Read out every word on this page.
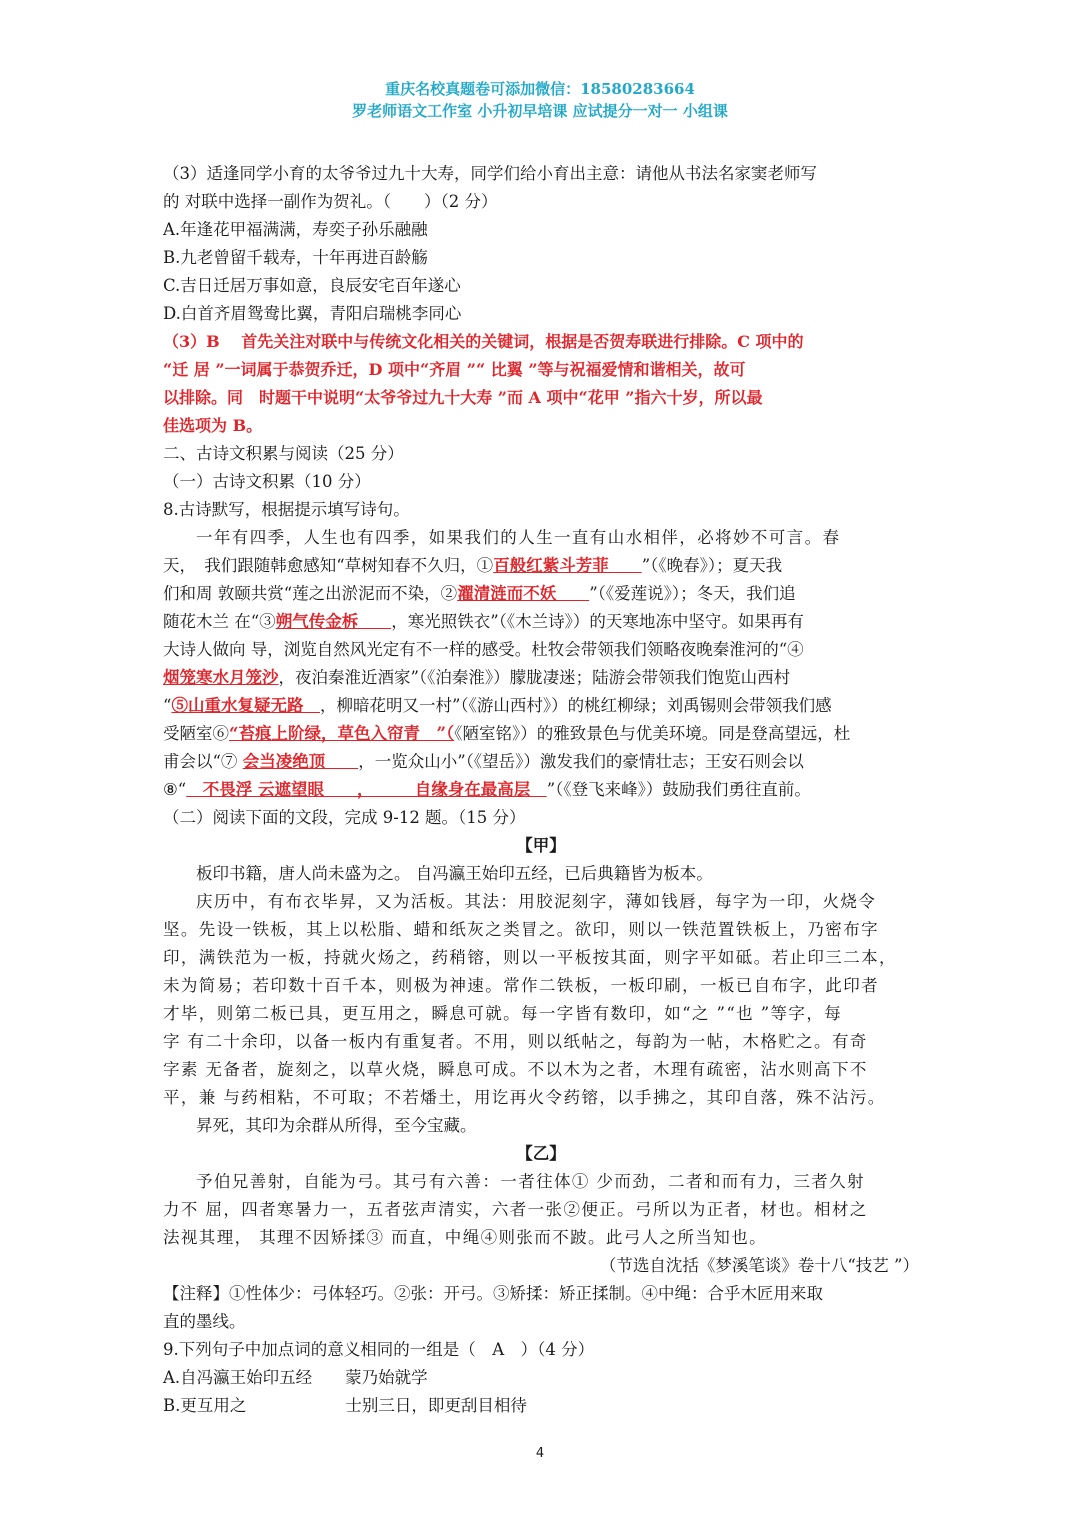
重庆名校真题卷可添加微信：18580283664
罗老师语文工作室 小升初早培课 应试提分一对一 小组课

（3）适逢同学小育的太爷爷过九十大寿，同学们给小育出主意：请他从书法名家窦老师写

的 对联中选择一副作为贺礼。（　　）（2 分）

A.年逢花甲福满满，寿奕子孙乐融融

B.九老曾留千载寿，十年再进百龄觞

C.吉日迁居万事如意，良辰安宅百年遂心

D.白首齐眉鸳鸯比翼，青阳启瑞桃李同心

（3）B　 首先关注对联中与传统文化相关的关键词，根据是否贺寿联进行排除。C 项中的

“迁 居 ”一词属于恭贺乔迁，D 项中“齐眉 ”“ 比翼 ”等与祝福爱情和谐相关，故可

以排除。同　时题干中说明“太爷爷过九十大寿 ”而 A 项中“花甲 ”指六十岁，所以最

佳选项为 B。

二、古诗文积累与阅读（25 分）

（一）古诗文积累（10 分）

8.古诗默写，根据提示填写诗句。

一年有四季，人生也有四季，如果我们的人生一直有山水相伴，必将妙不可言。春

天，　我们跟随韩愈感知“草树知春不久归，①百般红紫斗芳菲　　”（《晚春》）；夏天我

们和周 敦颐共赏“莲之出淤泥而不染，②濯清涟而不妖　　”（《爱莲说》）；冬天，我们追

随花木兰 在“③朔气传金柝　　，寒光照铁衣”（《木兰诗》）的天寒地冻中坚守。如果再有

大诗人做向 导，浏览自然风光定有不一样的感受。杜牧会带领我们领略夜晚秦淮河的“④

烟笼寒水月笼沙，夜泊秦淮近酒家”（《泊秦淮》）朦胧凄迷；陆游会带领我们饱览山西村

“⑤山重水复疑无路　，柳暗花明又一村”（《游山西村》）的桃红柳绿；刘禹锡则会带领我们感

受陋室⑥“苔痕上阶绿，草色入帘青　”（《陋室铭》）的雅致景色与优美环境。同是登高望远，杜

甫会以“⑦ 会当凌绝顶　　，一览众山小”（《望岳》）激发我们的豪情壮志；王安石则会以

⑧“　不畏浮 云遮望眼　　，　　　自缘身在最高层　”（《登飞来峰》）鼓励我们勇往直前。

（二）阅读下面的文段，完成 9-12 题。（15 分）

【甲】

板印书籍，唐人尚未盛为之。 自冯瀛王始印五经，已后典籍皆为板本。

庆历中，有布衣毕昇，又为活板。其法：用胶泥刻字，薄如钱唇，每字为一印，火烧令

坚。先设一铁板，其上以松脂、蜡和纸灰之类冒之。欲印，则以一铁范置铁板上，乃密布字

印，满铁范为一板，持就火炀之，药稍镕，则以一平板按其面，则字平如砥。若止印三二本，

未为简易；若印数十百千本，则极为神速。常作二铁板，一板印刷，一板已自布字，此印者

才毕，则第二板已具，更互用之，瞬息可就。每一字皆有数印，如“之 ”“也 ”等字，每

字 有二十余印，以备一板内有重复者。不用，则以纸帖之，每韵为一帖，木格贮之。有奇

字素 无备者，旋刻之，以草火烧，瞬息可成。不以木为之者，木理有疏密，沾水则高下不

平，兼 与药相粘，不可取；不若燔土，用讫再火令药镕，以手拂之，其印自落，殊不沾污。

昇死，其印为余群从所得，至今宝藏。

【乙】

予伯兄善射，自能为弓。其弓有六善：一者往体① 少而劲，二者和而有力，三者久射

力不 屈，四者寒暑力一，五者弦声清实，六者一张②便正。弓所以为正者，材也。相材之

法视其理， 其理不因矫揉③ 而直，中绳④则张而不跛。此弓人之所当知也。

（节选自沈括《梦溪笔谈》卷十八“技艺 ”）

【注释】①性体少：弓体轻巧。②张：开弓。③矫揉：矫正揉制。④中绳：合乎木匠用来取

直的墨线。

9.下列句子中加点词的意义相同的一组是（　A　）（4 分）

A.自冯瀛王始印五经　　蒙乃始就学

B.更互用之　　　　　　士别三日，即更刮目相待

4
